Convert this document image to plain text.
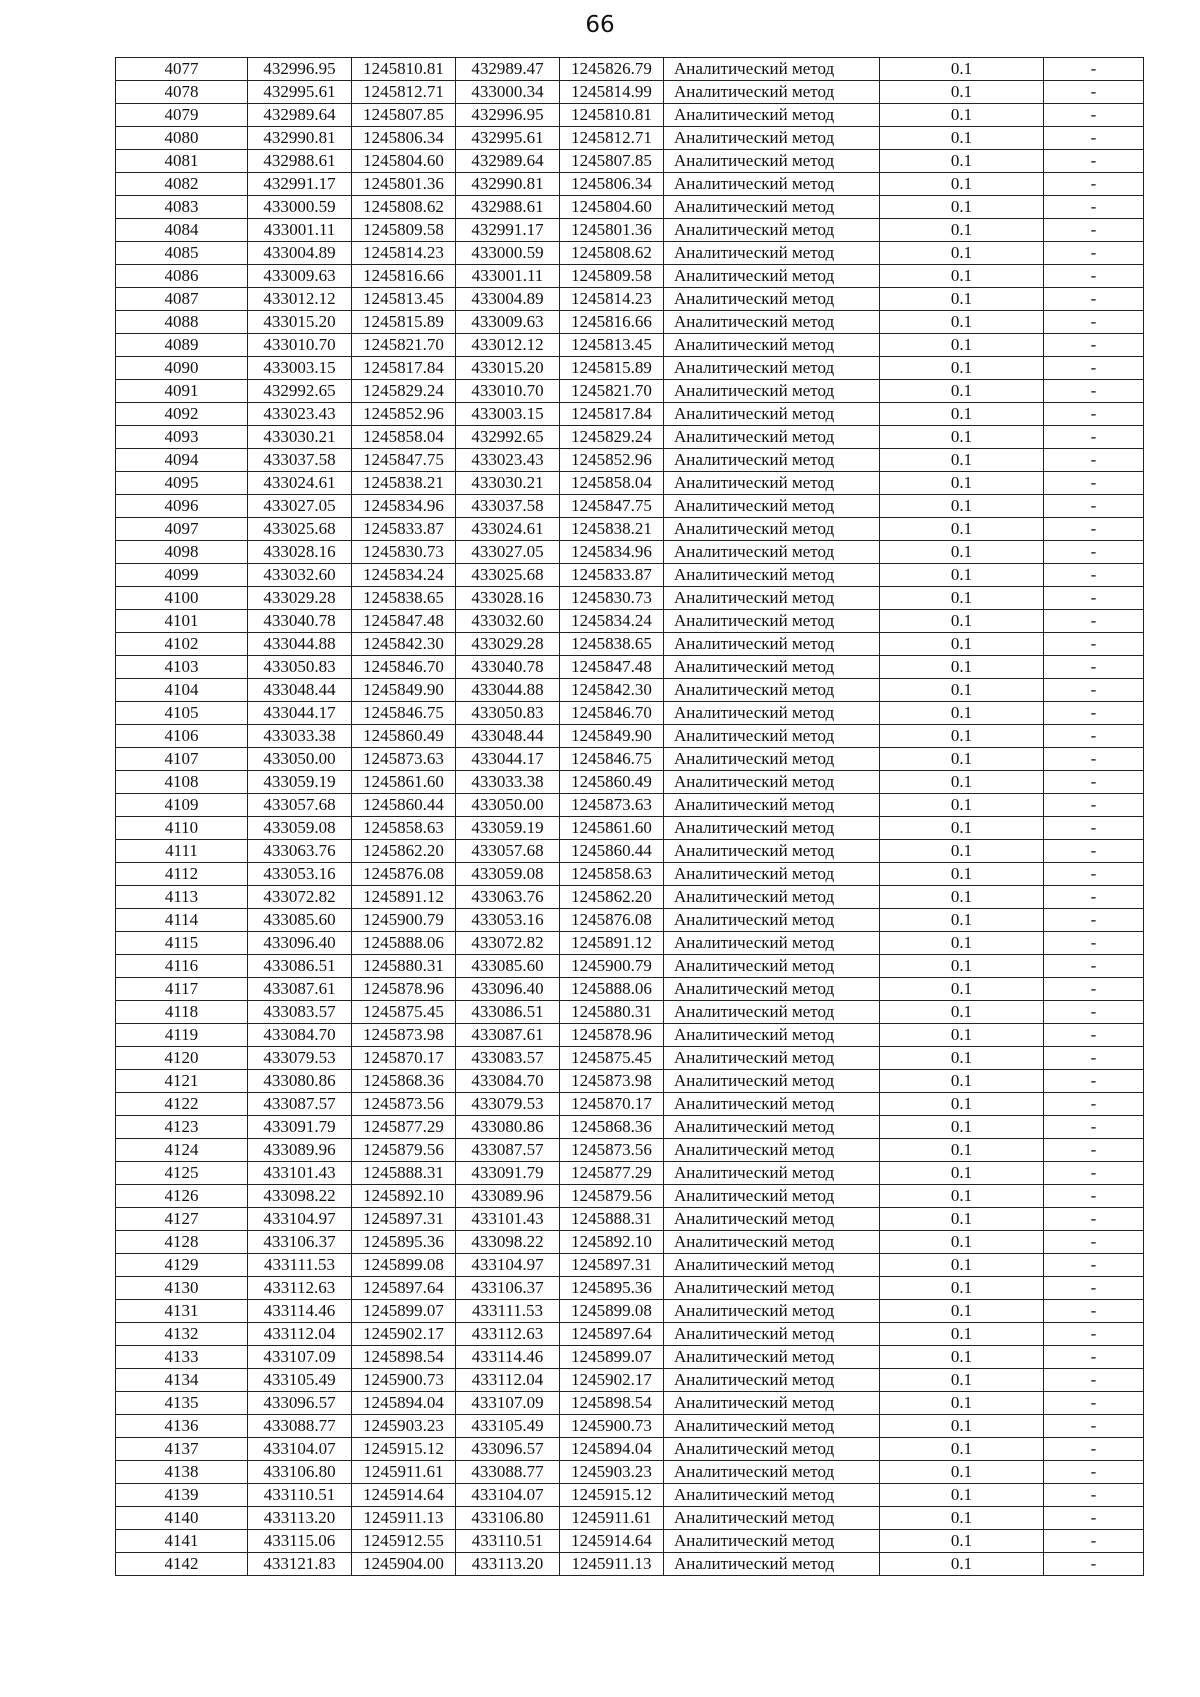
66
4077	432996.95	1245810.81	432989.47	1245826.79	Аналитический метод	0.1	-
4078	432995.61	1245812.71	433000.34	1245814.99	Аналитический метод	0.1	-
4079	432989.64	1245807.85	432996.95	1245810.81	Аналитический метод	0.1	-
4080	432990.81	1245806.34	432995.61	1245812.71	Аналитический метод	0.1	-
4081	432988.61	1245804.60	432989.64	1245807.85	Аналитический метод	0.1	-
4082	432991.17	1245801.36	432990.81	1245806.34	Аналитический метод	0.1	-
4083	433000.59	1245808.62	432988.61	1245804.60	Аналитический метод	0.1	-
4084	433001.11	1245809.58	432991.17	1245801.36	Аналитический метод	0.1	-
4085	433004.89	1245814.23	433000.59	1245808.62	Аналитический метод	0.1	-
4086	433009.63	1245816.66	433001.11	1245809.58	Аналитический метод	0.1	-
4087	433012.12	1245813.45	433004.89	1245814.23	Аналитический метод	0.1	-
4088	433015.20	1245815.89	433009.63	1245816.66	Аналитический метод	0.1	-
4089	433010.70	1245821.70	433012.12	1245813.45	Аналитический метод	0.1	-
4090	433003.15	1245817.84	433015.20	1245815.89	Аналитический метод	0.1	-
4091	432992.65	1245829.24	433010.70	1245821.70	Аналитический метод	0.1	-
4092	433023.43	1245852.96	433003.15	1245817.84	Аналитический метод	0.1	-
4093	433030.21	1245858.04	432992.65	1245829.24	Аналитический метод	0.1	-
4094	433037.58	1245847.75	433023.43	1245852.96	Аналитический метод	0.1	-
4095	433024.61	1245838.21	433030.21	1245858.04	Аналитический метод	0.1	-
4096	433027.05	1245834.96	433037.58	1245847.75	Аналитический метод	0.1	-
4097	433025.68	1245833.87	433024.61	1245838.21	Аналитический метод	0.1	-
4098	433028.16	1245830.73	433027.05	1245834.96	Аналитический метод	0.1	-
4099	433032.60	1245834.24	433025.68	1245833.87	Аналитический метод	0.1	-
4100	433029.28	1245838.65	433028.16	1245830.73	Аналитический метод	0.1	-
4101	433040.78	1245847.48	433032.60	1245834.24	Аналитический метод	0.1	-
4102	433044.88	1245842.30	433029.28	1245838.65	Аналитический метод	0.1	-
4103	433050.83	1245846.70	433040.78	1245847.48	Аналитический метод	0.1	-
4104	433048.44	1245849.90	433044.88	1245842.30	Аналитический метод	0.1	-
4105	433044.17	1245846.75	433050.83	1245846.70	Аналитический метод	0.1	-
4106	433033.38	1245860.49	433048.44	1245849.90	Аналитический метод	0.1	-
4107	433050.00	1245873.63	433044.17	1245846.75	Аналитический метод	0.1	-
4108	433059.19	1245861.60	433033.38	1245860.49	Аналитический метод	0.1	-
4109	433057.68	1245860.44	433050.00	1245873.63	Аналитический метод	0.1	-
4110	433059.08	1245858.63	433059.19	1245861.60	Аналитический метод	0.1	-
4111	433063.76	1245862.20	433057.68	1245860.44	Аналитический метод	0.1	-
4112	433053.16	1245876.08	433059.08	1245858.63	Аналитический метод	0.1	-
4113	433072.82	1245891.12	433063.76	1245862.20	Аналитический метод	0.1	-
4114	433085.60	1245900.79	433053.16	1245876.08	Аналитический метод	0.1	-
4115	433096.40	1245888.06	433072.82	1245891.12	Аналитический метод	0.1	-
4116	433086.51	1245880.31	433085.60	1245900.79	Аналитический метод	0.1	-
4117	433087.61	1245878.96	433096.40	1245888.06	Аналитический метод	0.1	-
4118	433083.57	1245875.45	433086.51	1245880.31	Аналитический метод	0.1	-
4119	433084.70	1245873.98	433087.61	1245878.96	Аналитический метод	0.1	-
4120	433079.53	1245870.17	433083.57	1245875.45	Аналитический метод	0.1	-
4121	433080.86	1245868.36	433084.70	1245873.98	Аналитический метод	0.1	-
4122	433087.57	1245873.56	433079.53	1245870.17	Аналитический метод	0.1	-
4123	433091.79	1245877.29	433080.86	1245868.36	Аналитический метод	0.1	-
4124	433089.96	1245879.56	433087.57	1245873.56	Аналитический метод	0.1	-
4125	433101.43	1245888.31	433091.79	1245877.29	Аналитический метод	0.1	-
4126	433098.22	1245892.10	433089.96	1245879.56	Аналитический метод	0.1	-
4127	433104.97	1245897.31	433101.43	1245888.31	Аналитический метод	0.1	-
4128	433106.37	1245895.36	433098.22	1245892.10	Аналитический метод	0.1	-
4129	433111.53	1245899.08	433104.97	1245897.31	Аналитический метод	0.1	-
4130	433112.63	1245897.64	433106.37	1245895.36	Аналитический метод	0.1	-
4131	433114.46	1245899.07	433111.53	1245899.08	Аналитический метод	0.1	-
4132	433112.04	1245902.17	433112.63	1245897.64	Аналитический метод	0.1	-
4133	433107.09	1245898.54	433114.46	1245899.07	Аналитический метод	0.1	-
4134	433105.49	1245900.73	433112.04	1245902.17	Аналитический метод	0.1	-
4135	433096.57	1245894.04	433107.09	1245898.54	Аналитический метод	0.1	-
4136	433088.77	1245903.23	433105.49	1245900.73	Аналитический метод	0.1	-
4137	433104.07	1245915.12	433096.57	1245894.04	Аналитический метод	0.1	-
4138	433106.80	1245911.61	433088.77	1245903.23	Аналитический метод	0.1	-
4139	433110.51	1245914.64	433104.07	1245915.12	Аналитический метод	0.1	-
4140	433113.20	1245911.13	433106.80	1245911.61	Аналитический метод	0.1	-
4141	433115.06	1245912.55	433110.51	1245914.64	Аналитический метод	0.1	-
4142	433121.83	1245904.00	433113.20	1245911.13	Аналитический метод	0.1	-
